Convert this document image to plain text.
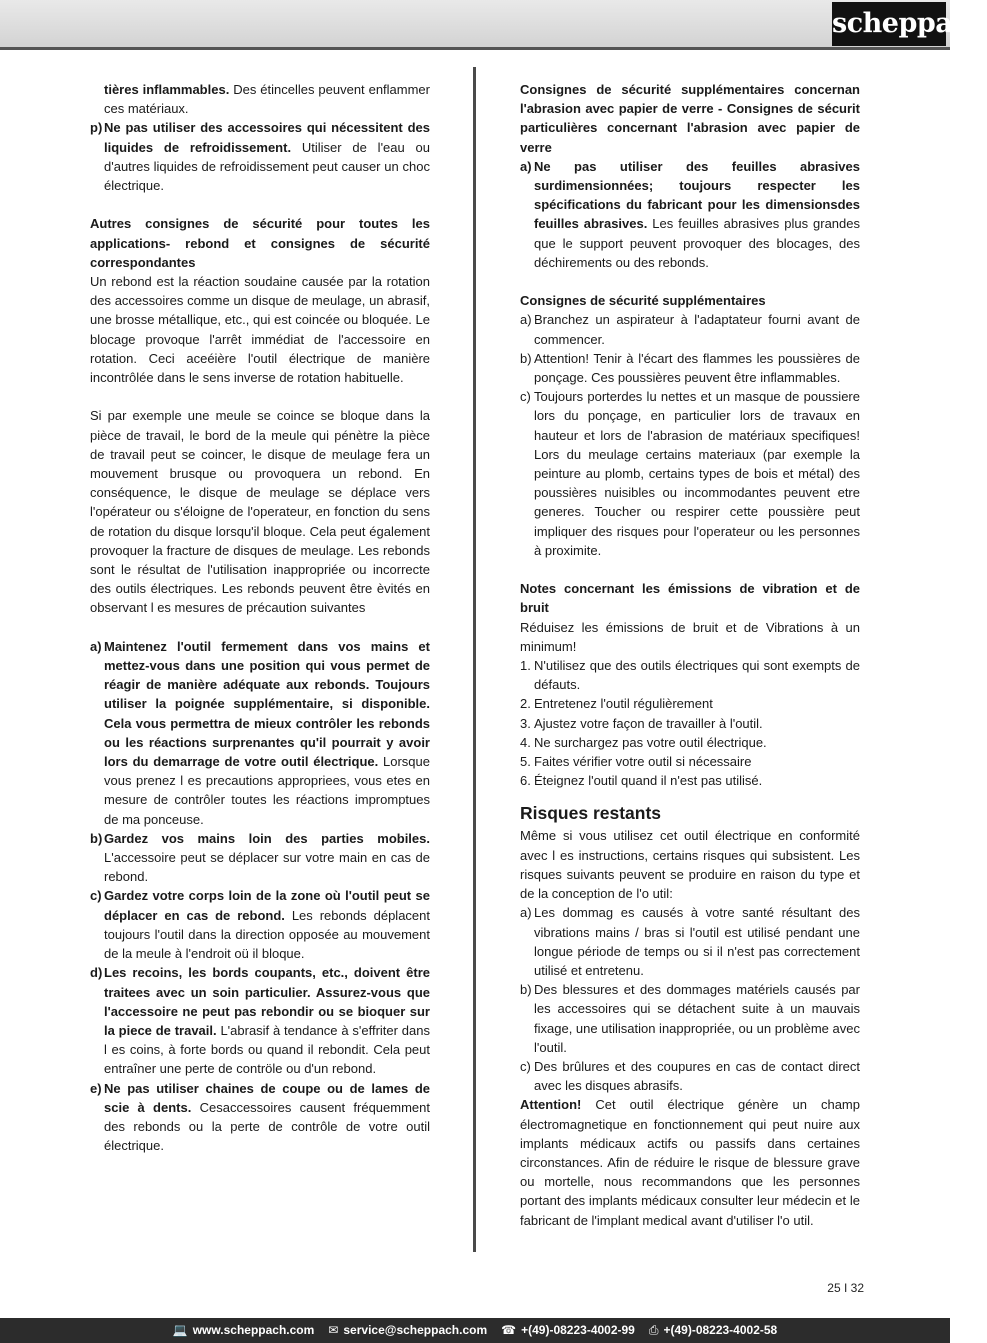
scheppach
tières inflammables. Des étincelles peuvent enflammer ces matériaux.
p) Ne pas utiliser des accessoires qui nécessitent des liquides de refroidissement. Utiliser de l'eau ou d'autres liquides de refroidissement peut causer un choc électrique.
Autres consignes de sécurité pour toutes les applications- rebond et consignes de sécurité correspondantes
Un rebond est la réaction soudaine causée par la rotation des accessoires comme un disque de meulage, un abrasif, une brosse métallique, etc., qui est coincée ou bloquée. Le blocage provoque l'arrêt immédiat de l'accessoire en rotation. Ceci aceéière l'outil électrique de manière incontrôlée dans le sens inverse de rotation habituelle.
Si par exemple une meule se coince se bloque dans la pièce de travail, le bord de la meule qui pénètre la pièce de travail peut se coincer, le disque de meulage fera un mouvement brusque ou provoquera un rebond. En conséquence, le disque de meulage se déplace vers l'opérateur ou s'éloigne de l'operateur, en fonction du sens de rotation du disque lorsqu'il bloque. Cela peut également provoquer la fracture de disques de meulage. Les rebonds sont le résultat de l'utilisation inappropriée ou incorrecte des outils électriques. Les rebonds peuvent être èvités en observant l es mesures de précaution suivantes
a) Maintenez l'outil fermement dans vos mains et mettez-vous dans une position qui vous permet de réagir de manière adéquate aux rebonds. Toujours utiliser la poignée supplémentaire, si disponible. Cela vous permettra de mieux contrôler les rebonds ou les réactions surprenantes qu'il pourrait y avoir lors du demarrage de votre outil électrique. Lorsque vous prenez l es precautions appropriees, vous etes en mesure de contrôler toutes les réactions impromptues de ma ponceuse.
b) Gardez vos mains loin des parties mobiles. L'accessoire peut se déplacer sur votre main en cas de rebond.
c) Gardez votre corps loin de la zone où l'outil peut se déplacer en cas de rebond. Les rebonds déplacent toujours l'outil dans la direction opposée au mouvement de la meule à l'endroit oü il bloque.
d) Les recoins, les bords coupants, etc., doivent être traitees avec un soin particulier. Assurez-vous que l'accessoire ne peut pas rebondir ou se bioquer sur la piece de travail. L'abrasif à tendance à s'effriter dans l es coins, à forte bords ou quand il rebondit. Cela peut entraîner une perte de contröle ou d'un rebond.
e) Ne pas utiliser chaines de coupe ou de lames de scie à dents. Cesaccessoires causent fréquemment des rebonds ou la perte de contrôle de votre outil électrique.
Consignes de sécurité supplémentaires concernan l'abrasion avec papier de verre - Consignes de sécurit particulières concernant l'abrasion avec papier de verre
a) Ne pas utiliser des feuilles abrasives surdimensionnées; toujours respecter les spécifications du fabricant pour les dimensionsdes feuilles abrasives. Les feuilles abrasives plus grandes que le support peuvent provoquer des blocages, des déchirements ou des rebonds.
Consignes de sécurité supplémentaires
a) Branchez un aspirateur à l'adaptateur fourni avant de commencer.
b) Attention! Tenir à l'écart des flammes les poussières de ponçage. Ces poussières peuvent être inflammables.
c) Toujours porterdes lu nettes et un masque de poussiere lors du ponçage, en particulier lors de travaux en hauteur et lors de l'abrasion de matériaux specifiques! Lors du meulage certains materiaux (par exemple la peinture au plomb, certains types de bois et métal) des poussières nuisibles ou incommodantes peuvent etre generes. Toucher ou respirer cette poussière peut impliquer des risques pour l'operateur ou les personnes à proximite.
Notes concernant les émissions de vibration et de bruit
Réduisez les émissions de bruit et de Vibrations à un minimum!
1. N'utilisez que des outils électriques qui sont exempts de défauts.
2. Entretenez l'outil régulièrement
3. Ajustez votre façon de travailler à l'outil.
4. Ne surchargez pas votre outil électrique.
5. Faites vérifier votre outil si nécessaire
6. Éteignez l'outil quand il n'est pas utilisé.
Risques restants
Même si vous utilisez cet outil électrique en conformité avec l es instructions, certains risques qui subsistent. Les risques suivants peuvent se produire en raison du type et de la conception de l'o util:
a) Les dommag es causés à votre santé résultant des vibrations mains / bras si l'outil est utilisé pendant une longue période de temps ou si il n'est pas correctement utilisé et entretenu.
b) Des blessures et des dommages matériels causés par les accessoires qui se détachent suite à un mauvais fixage, une utilisation inappropriée, ou un problème avec l'outil.
c) Des brûlures et des coupures en cas de contact direct avec les disques abrasifs.
Attention! Cet outil électrique génère un champ électromagnetique en fonctionnement qui peut nuire aux implants médicaux actifs ou passifs dans certaines circonstances. Afin de réduire le risque de blessure grave ou mortelle, nous recommandons que les personnes portant des implants médicaux consulter leur médecin et le fabricant de l'implant medical avant d'utiliser l'o util.
25 I 32
💻 www.scheppach.com ✉ service@scheppach.com ☎ +(49)-08223-4002-99 ⎙ +(49)-08223-4002-58
